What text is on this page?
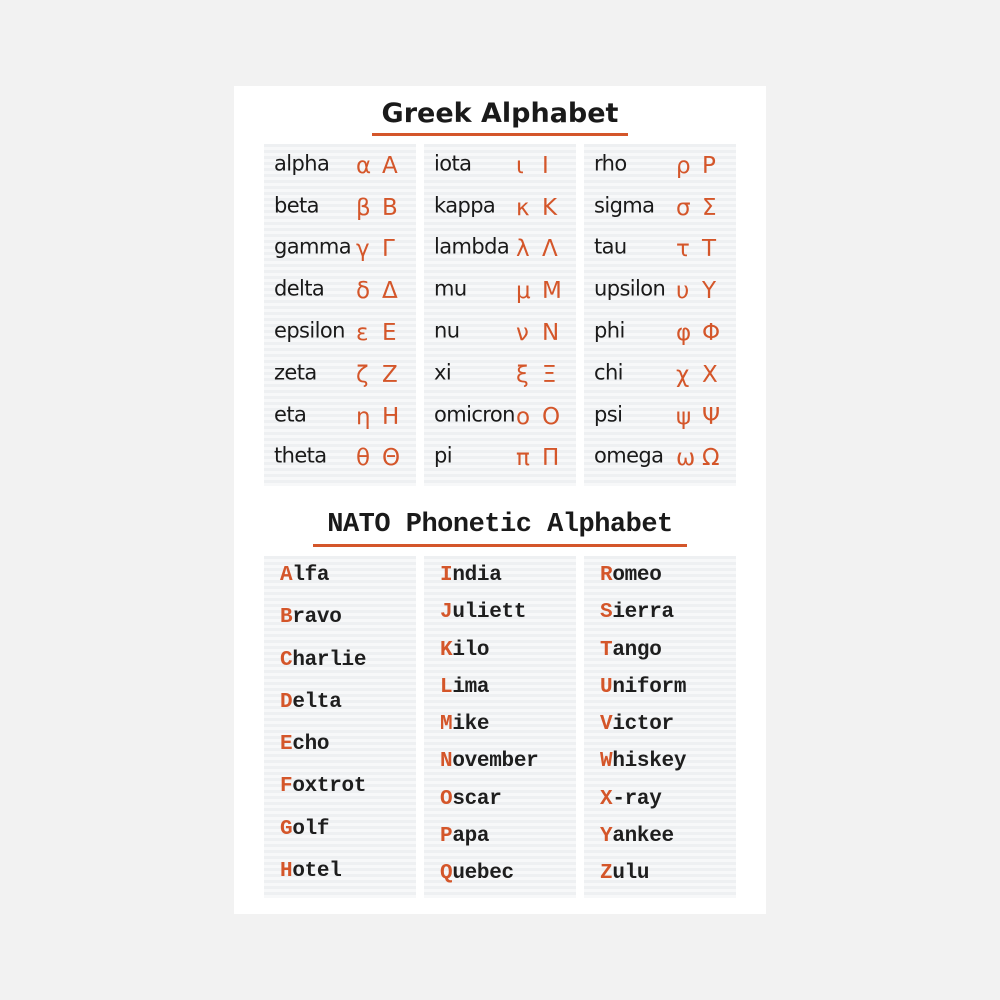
Greek Alphabet
alpha α Α
beta β Β
gamma γ Γ
delta δ Δ
epsilon ε Ε
zeta ζ Ζ
eta η Η
theta θ Θ
iota ι Ι
kappa κ Κ
lambda λ Λ
mu μ Μ
nu ν Ν
xi	ξ Ξ
omicron ο Ο
pi	π Π
rho ρ Ρ
sigma σ Σ
tau τ Τ
upsilon υ Υ
phi φ Φ
chi χ Χ
psi ψ Ψ
omega ω Ω
NATO Phonetic Alphabet
Alfa
Bravo
Charlie
Delta
Echo
Foxtrot
Golf
Hotel
India
Juliett
Kilo
Lima
Mike
November
Oscar
Papa
Quebec
Romeo
Sierra
Tango
Uniform
Victor
Whiskey
X-ray
Yankee
Zulu
